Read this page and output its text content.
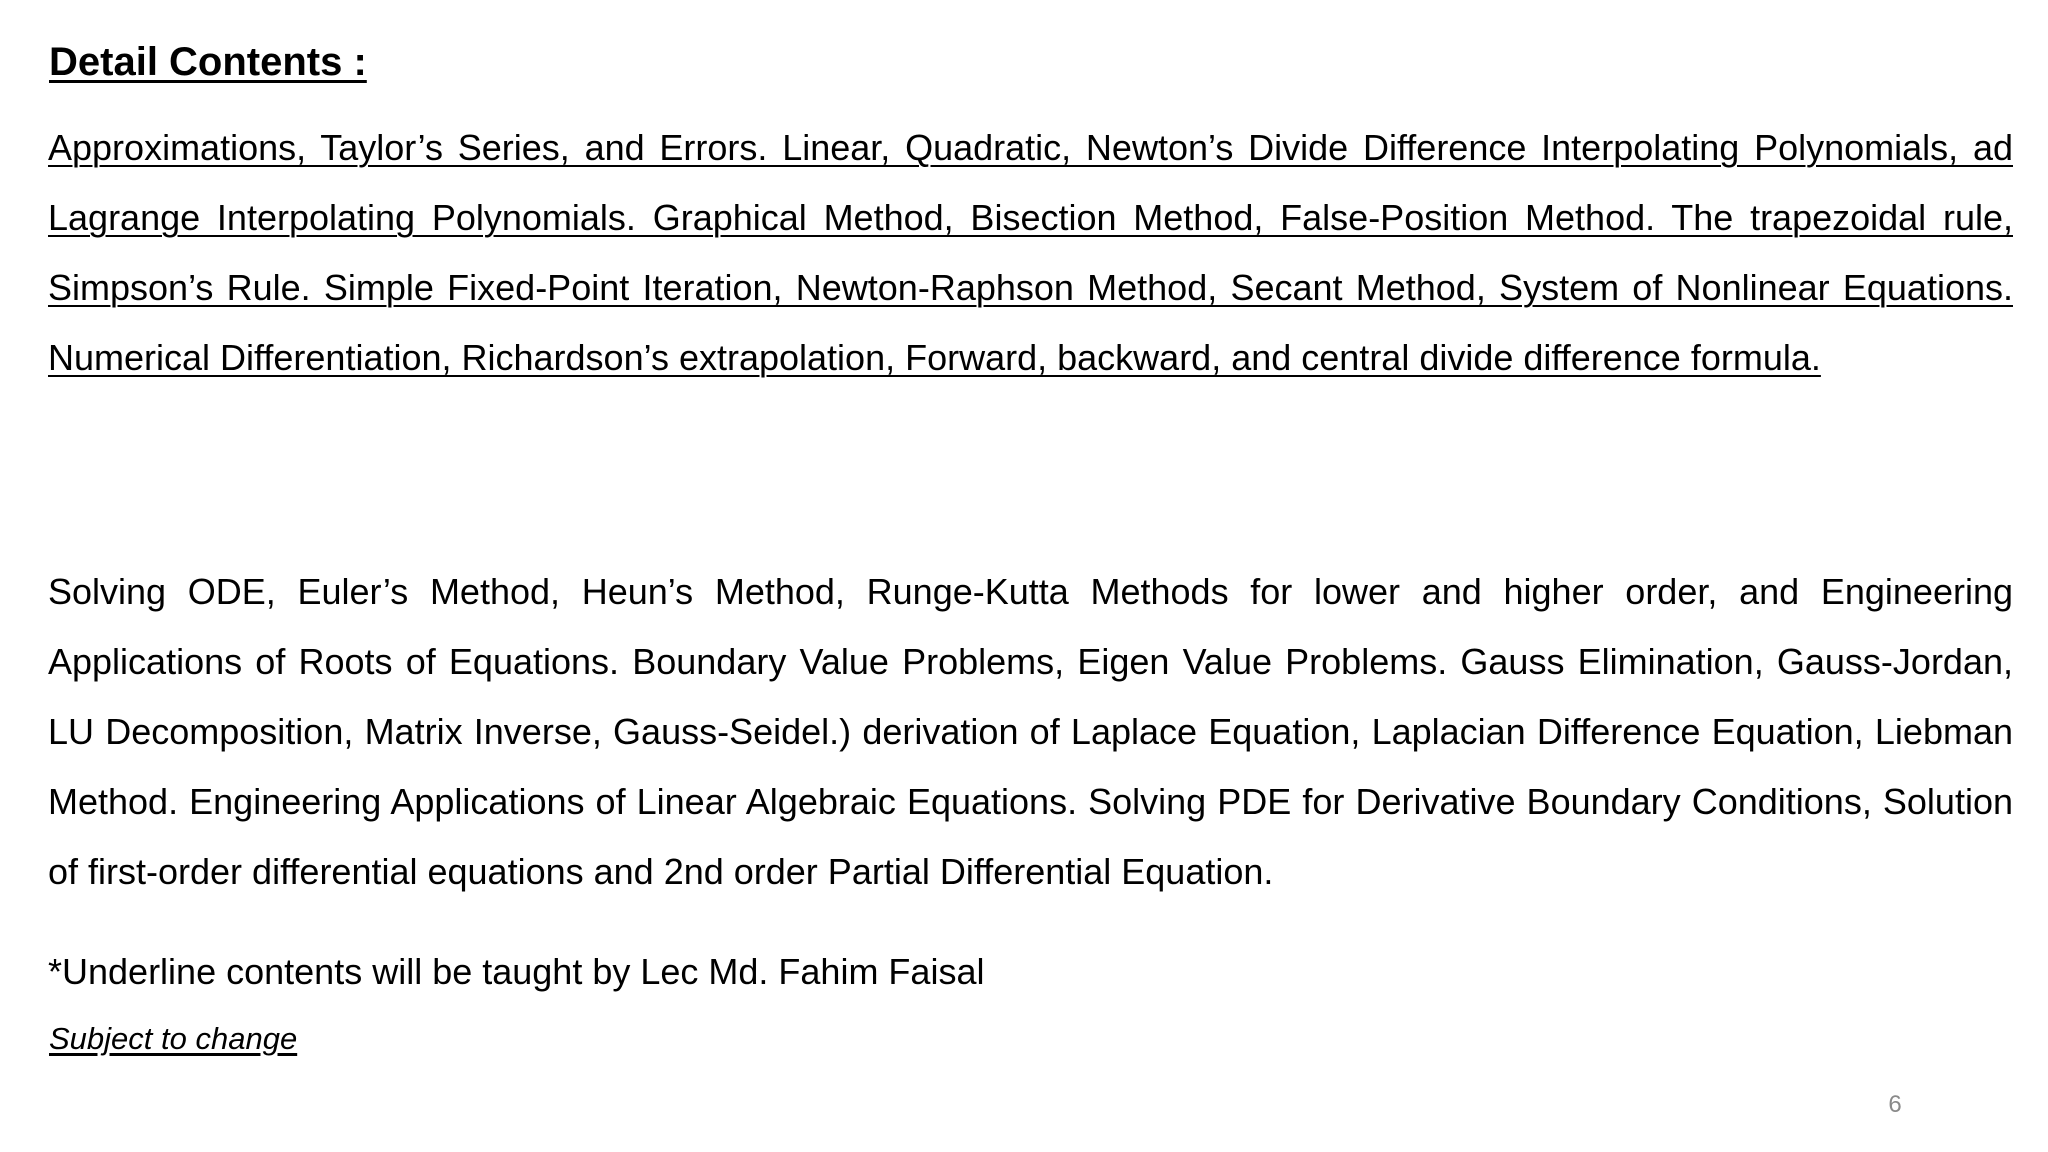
Detail Contents :

Approximations, Taylor’s Series, and Errors. Linear, Quadratic, Newton’s Divide Difference Interpolating Polynomials, ad Lagrange Interpolating Polynomials. Graphical Method, Bisection Method, False-Position Method. The trapezoidal rule, Simpson’s Rule. Simple Fixed-Point Iteration, Newton-Raphson Method, Secant Method, System of Nonlinear Equations. Numerical Differentiation, Richardson’s extrapolation, Forward, backward, and central divide difference formula.

Solving ODE, Euler’s Method, Heun’s Method, Runge-Kutta Methods for lower and higher order, and Engineering Applications of Roots of Equations. Boundary Value Problems, Eigen Value Problems. Gauss Elimination, Gauss-Jordan, LU Decomposition, Matrix Inverse, Gauss-Seidel.) derivation of Laplace Equation, Laplacian Difference Equation, Liebman Method. Engineering Applications of Linear Algebraic Equations. Solving PDE for Derivative Boundary Conditions, Solution of first-order differential equations and 2nd order Partial Differential Equation.

*Underline contents will be taught by Lec Md. Fahim Faisal
Subject to change
6
